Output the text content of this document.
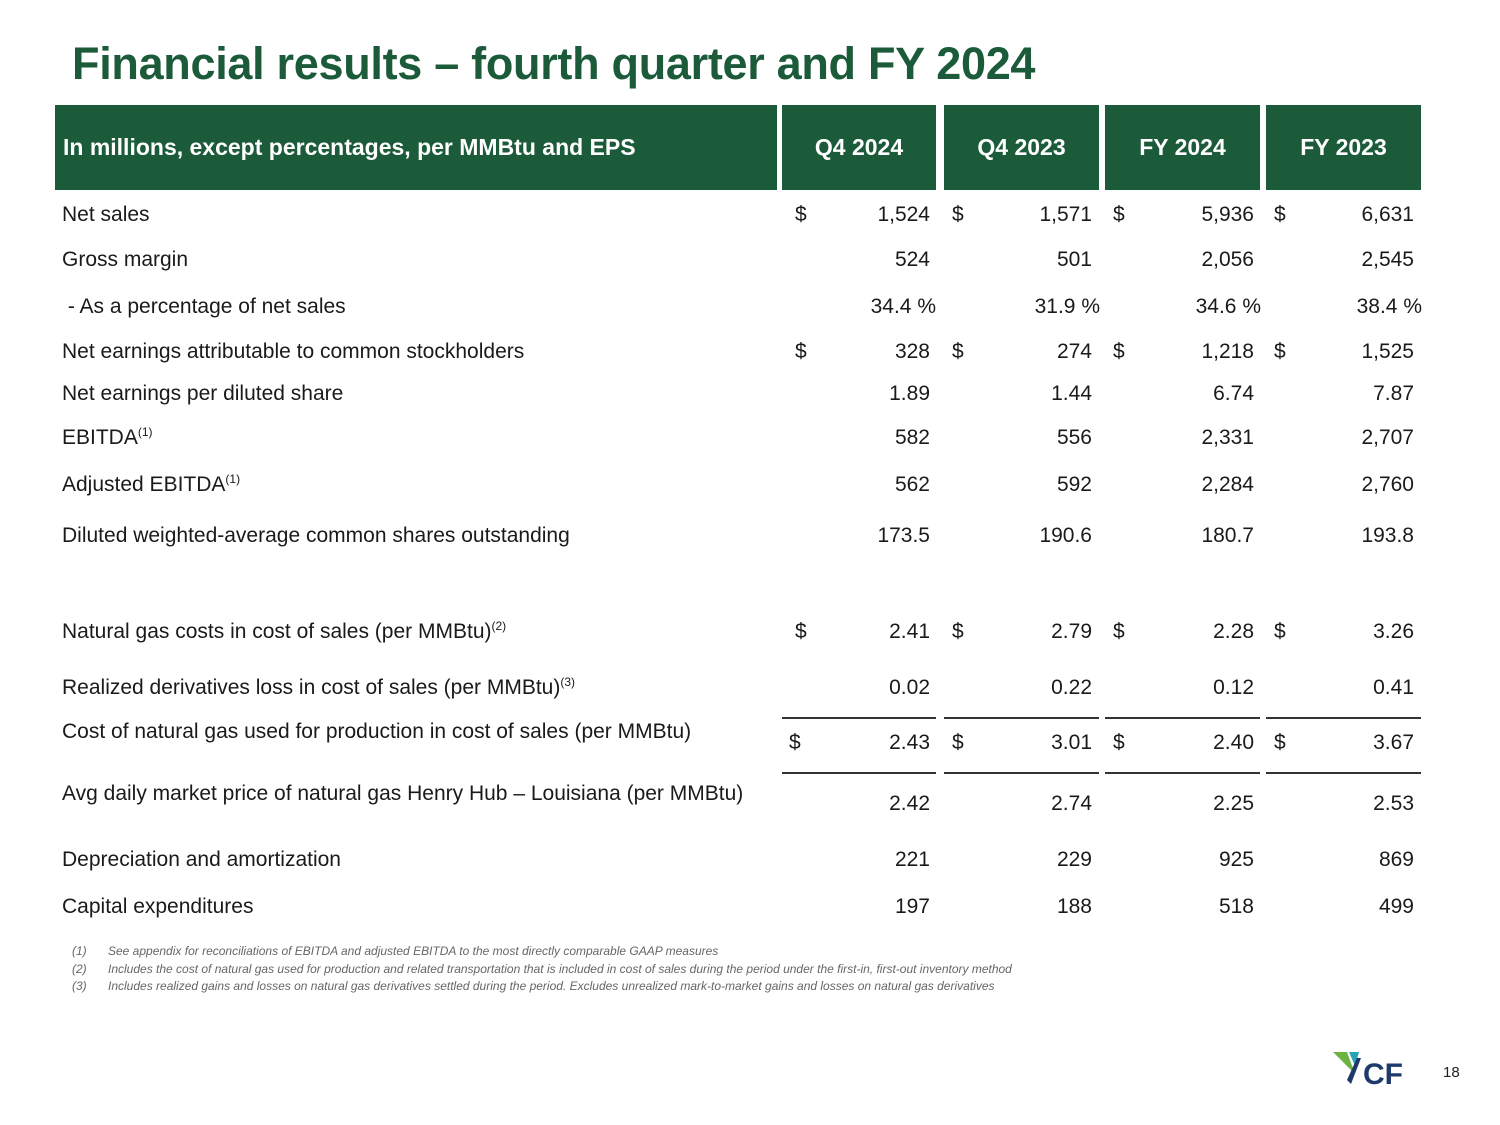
Financial results – fourth quarter and FY 2024
In millions, except percentages, per MMBtu and EPS	Q4 2024	Q4 2023	FY 2024	FY 2023
Net sales	$	1,524 $	1,571 $	5,936 $	6,631
Gross margin	524	501	2,056	2,545
- As a percentage of net sales	34.4 %	31.9 %	34.6 %	38.4 %
Net earnings attributable to common stockholders	$	328 $	274 $	1,218 $	1,525
Net earnings per diluted share	1.89	1.44	6.74	7.87
EBITDA$^{(1)}$	582	556	2,331	2,707
Adjusted EBITDA$^{(1)}$	562	592	2,284	2,760
Diluted weighted-average common shares outstanding	173.5	190.6	180.7	193.8
Natural gas costs in cost of sales (per MMBtu)$^{(2)}$	$	2.41 $	2.79 $	2.28 $	3.26
Realized derivatives loss in cost of sales (per MMBtu)$^{(3)}$	0.02	0.22	0.12	0.41
Cost of natural gas used for production in cost of sales (per MMBtu)	$	2.43 $	3.01 $	2.40 $	3.67
Avg daily market price of natural gas Henry Hub – Louisiana (per MMBtu)	2.42	2.74	2.25	2.53
Depreciation and amortization	221	229	925	869
Capital expenditures	197	188	518	499
(1) See appendix for reconciliations of EBITDA and adjusted EBITDA to the most directly comparable GAAP measures
(2) Includes the cost of natural gas used for production and related transportation that is included in cost of sales during the period under the first-in, first-out inventory method
(3) Includes realized gains and losses on natural gas derivatives settled during the period. Excludes unrealized mark-to-market gains and losses on natural gas derivatives
CF	18
